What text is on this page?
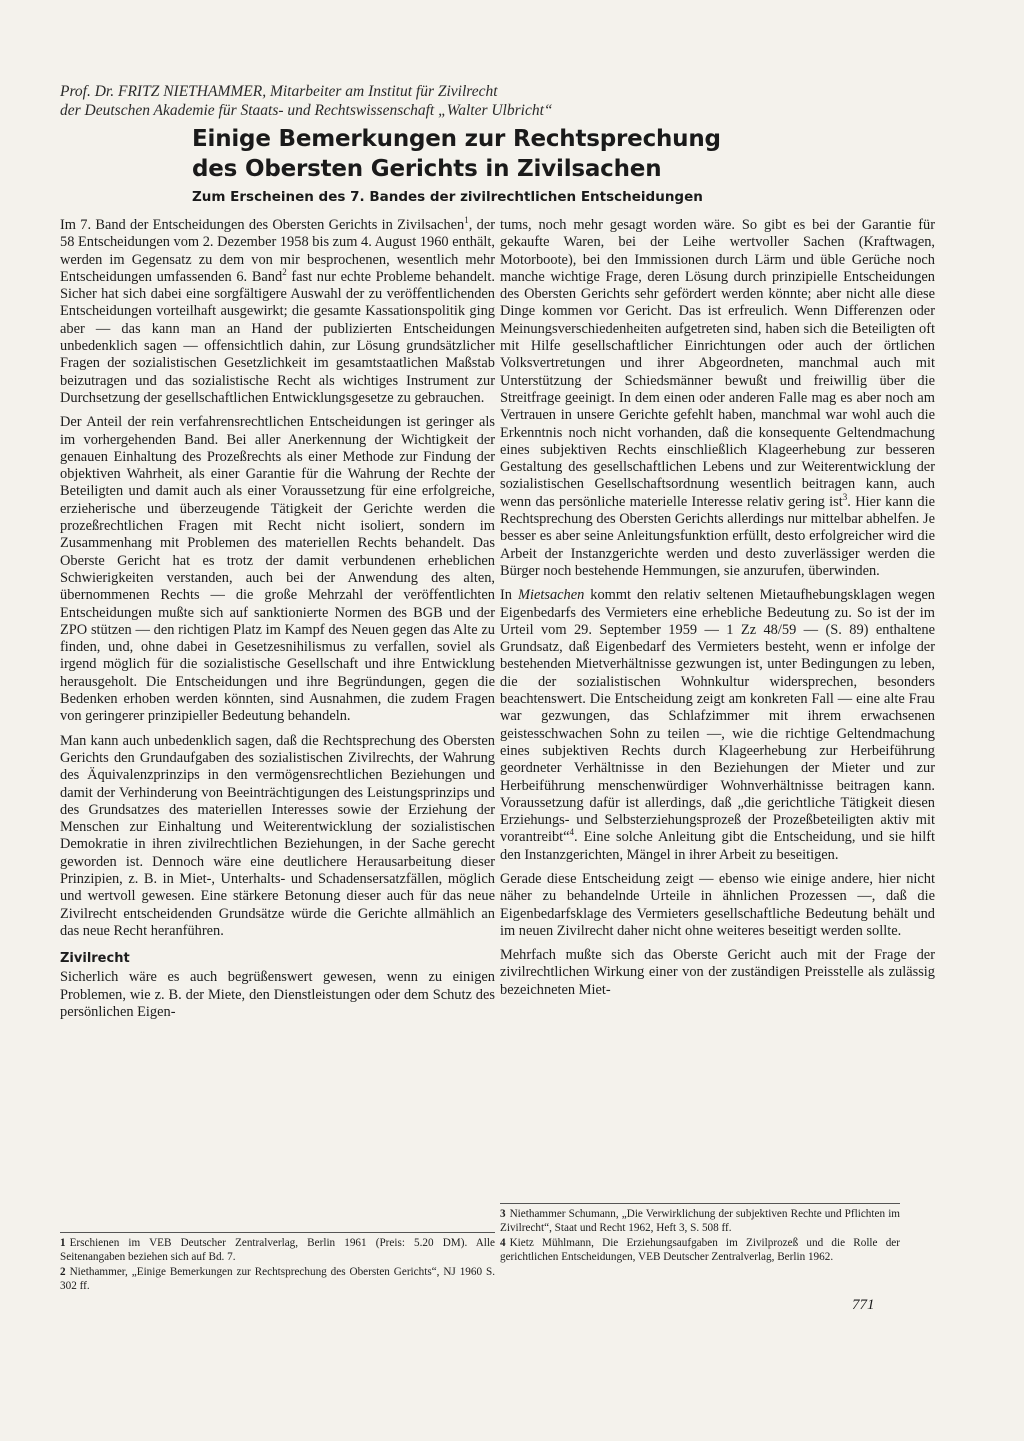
Prof. Dr. FRITZ NIETHAMMER, Mitarbeiter am Institut für Zivilrecht
der Deutschen Akademie für Staats- und Rechtswissenschaft „Walter Ulbricht“
Einige Bemerkungen zur Rechtsprechung
des Obersten Gerichts in Zivilsachen
Zum Erscheinen des 7. Bandes der zivilrechtlichen Entscheidungen

Im 7. Band der Entscheidungen des Obersten Gerichts in Zivilsachen$^1$, der 58 Entscheidungen vom 2. Dezember 1958 bis zum 4. August 1960 enthält, werden im Gegensatz zu dem von mir besprochenen, wesentlich mehr Entscheidungen umfassenden 6. Band$^2$ fast nur echte Probleme behandelt. Sicher hat sich dabei eine sorgfältigere Auswahl der zu veröffentlichenden Entscheidungen vorteilhaft ausgewirkt; die gesamte Kassationspolitik ging aber — das kann man an Hand der publizierten Entscheidungen unbedenklich sagen — offensichtlich dahin, zur Lösung grundsätzlicher Fragen der sozialistischen Gesetzlichkeit im gesamtstaatlichen Maßstab beizutragen und das sozialistische Recht als wichtiges Instrument zur Durchsetzung der gesellschaftlichen Entwicklungsgesetze zu gebrauchen.

Der Anteil der rein verfahrensrechtlichen Entscheidungen ist geringer als im vorhergehenden Band. Bei aller Anerkennung der Wichtigkeit der genauen Einhaltung des Prozeßrechts als einer Methode zur Findung der objektiven Wahrheit, als einer Garantie für die Wahrung der Rechte der Beteiligten und damit auch als einer Voraussetzung für eine erfolgreiche, erzieherische und überzeugende Tätigkeit der Gerichte werden die prozeßrechtlichen Fragen mit Recht nicht isoliert, sondern im Zusammenhang mit Problemen des materiellen Rechts behandelt. Das Oberste Gericht hat es trotz der damit verbundenen erheblichen Schwierigkeiten verstanden, auch bei der Anwendung des alten, übernommenen Rechts — die große Mehrzahl der veröffentlichten Entscheidungen mußte sich auf sanktionierte Normen des BGB und der ZPO stützen — den richtigen Platz im Kampf des Neuen gegen das Alte zu finden, und, ohne dabei in Gesetzesnihilismus zu verfallen, soviel als irgend möglich für die sozialistische Gesellschaft und ihre Entwicklung herausgeholt. Die Entscheidungen und ihre Begründungen, gegen die Bedenken erhoben werden könnten, sind Ausnahmen, die zudem Fragen von geringerer prinzipieller Bedeutung behandeln.

Man kann auch unbedenklich sagen, daß die Rechtsprechung des Obersten Gerichts den Grundaufgaben des sozialistischen Zivilrechts, der Wahrung des Äquivalenzprinzips in den vermögensrechtlichen Beziehungen und damit der Verhinderung von Beeinträchtigungen des Leistungsprinzips und des Grundsatzes des materiellen Interesses sowie der Erziehung der Menschen zur Einhaltung und Weiterentwicklung der sozialistischen Demokratie in ihren zivilrechtlichen Beziehungen, in der Sache gerecht geworden ist. Dennoch wäre eine deutlichere Herausarbeitung dieser Prinzipien, z. B. in Miet-, Unterhalts- und Schadensersatzfällen, möglich und wertvoll gewesen. Eine stärkere Betonung dieser auch für das neue Zivilrecht entscheidenden Grundsätze würde die Gerichte allmählich an das neue Recht heranführen.

Zivilrecht

Sicherlich wäre es auch begrüßenswert gewesen, wenn zu einigen Problemen, wie z. B. der Miete, den Dienstleistungen oder dem Schutz des persönlichen Eigen-

tums, noch mehr gesagt worden wäre. So gibt es bei der Garantie für gekaufte Waren, bei der Leihe wertvoller Sachen (Kraftwagen, Motorboote), bei den Immissionen durch Lärm und üble Gerüche noch manche wichtige Frage, deren Lösung durch prinzipielle Entscheidungen des Obersten Gerichts sehr gefördert werden könnte; aber nicht alle diese Dinge kommen vor Gericht. Das ist erfreulich. Wenn Differenzen oder Meinungsverschiedenheiten aufgetreten sind, haben sich die Beteiligten oft mit Hilfe gesellschaftlicher Einrichtungen oder auch der örtlichen Volksvertretungen und ihrer Abgeordneten, manchmal auch mit Unterstützung der Schiedsmänner bewußt und freiwillig über die Streitfrage geeinigt. In dem einen oder anderen Falle mag es aber noch am Vertrauen in unsere Gerichte gefehlt haben, manchmal war wohl auch die Erkenntnis noch nicht vorhanden, daß die konsequente Geltendmachung eines subjektiven Rechts einschließlich Klageerhebung zur besseren Gestaltung des gesellschaftlichen Lebens und zur Weiterentwicklung der sozialistischen Gesellschaftsordnung wesentlich beitragen kann, auch wenn das persönliche materielle Interesse relativ gering ist$^3$. Hier kann die Rechtsprechung des Obersten Gerichts allerdings nur mittelbar abhelfen. Je besser es aber seine Anleitungsfunktion erfüllt, desto erfolgreicher wird die Arbeit der Instanzgerichte werden und desto zuverlässiger werden die Bürger noch bestehende Hemmungen, sie anzurufen, überwinden.

In Mietsachen kommt den relativ seltenen Mietaufhebungsklagen wegen Eigenbedarfs des Vermieters eine erhebliche Bedeutung zu. So ist der im Urteil vom 29. September 1959 — 1 Zz 48/59 — (S. 89) enthaltene Grundsatz, daß Eigenbedarf des Vermieters besteht, wenn er infolge der bestehenden Mietverhältnisse gezwungen ist, unter Bedingungen zu leben, die der sozialistischen Wohnkultur widersprechen, besonders beachtenswert. Die Entscheidung zeigt am konkreten Fall — eine alte Frau war gezwungen, das Schlafzimmer mit ihrem erwachsenen geistesschwachen Sohn zu teilen —, wie die richtige Geltendmachung eines subjektiven Rechts durch Klageerhebung zur Herbeiführung geordneter Verhältnisse in den Beziehungen der Mieter und zur Herbeiführung menschenwürdiger Wohnverhältnisse beitragen kann. Voraussetzung dafür ist allerdings, daß „die gerichtliche Tätigkeit diesen Erziehungs- und Selbsterziehungsprozeß der Prozeßbeteiligten aktiv mit vorantreibt“$^4$. Eine solche Anleitung gibt die Entscheidung, und sie hilft den Instanzgerichten, Mängel in ihrer Arbeit zu beseitigen.

Gerade diese Entscheidung zeigt — ebenso wie einige andere, hier nicht näher zu behandelnde Urteile in ähnlichen Prozessen —, daß die Eigenbedarfsklage des Vermieters gesellschaftliche Bedeutung behält und im neuen Zivilrecht daher nicht ohne weiteres beseitigt werden sollte.

Mehrfach mußte sich das Oberste Gericht auch mit der Frage der zivilrechtlichen Wirkung einer von der zuständigen Preisstelle als zulässig bezeichneten Miet-

1 Erschienen im VEB Deutscher Zentralverlag, Berlin 1961 (Preis: 5.20 DM). Alle Seitenangaben beziehen sich auf Bd. 7.
2 Niethammer, „Einige Bemerkungen zur Rechtsprechung des Obersten Gerichts“, NJ 1960 S. 302 ff.
3 Niethammer Schumann, „Die Verwirklichung der subjektiven Rechte und Pflichten im Zivilrecht“, Staat und Recht 1962, Heft 3, S. 508 ff.
4 Kietz Mühlmann, Die Erziehungsaufgaben im Zivilprozeß und die Rolle der gerichtlichen Entscheidungen, VEB Deutscher Zentralverlag, Berlin 1962.
771
